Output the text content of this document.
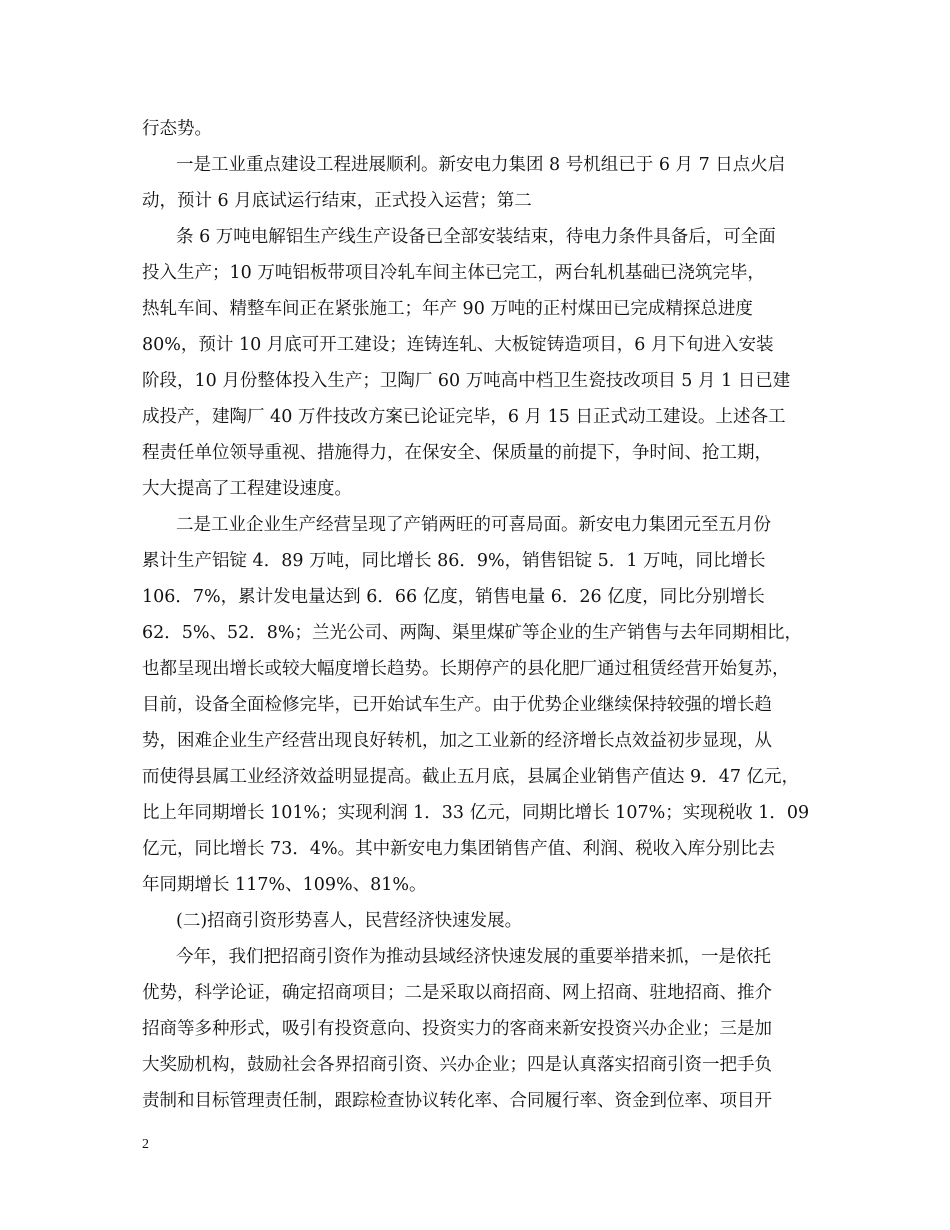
行态势。
一是工业重点建设工程进展顺利。新安电力集团 8 号机组已于 6 月 7 日点火启
动，预计 6 月底试运行结束，正式投入运营；第二
条 6 万吨电解铝生产线生产设备已全部安装结束，待电力条件具备后，可全面
投入生产；10 万吨铝板带项目冷轧车间主体已完工，两台轧机基础已浇筑完毕，
热轧车间、精整车间正在紧张施工；年产 90 万吨的正村煤田已完成精探总进度
80%，预计 10 月底可开工建设；连铸连轧、大板锭铸造项目，6 月下旬进入安装
阶段，10 月份整体投入生产；卫陶厂 60 万吨高中档卫生瓷技改项目 5 月 1 日已建
成投产，建陶厂 40 万件技改方案已论证完毕，6 月 15 日正式动工建设。上述各工
程责任单位领导重视、措施得力，在保安全、保质量的前提下，争时间、抢工期，
大大提高了工程建设速度。
二是工业企业生产经营呈现了产销两旺的可喜局面。新安电力集团元至五月份
累计生产铝锭 4．89 万吨，同比增长 86．9%，销售铝锭 5．1 万吨，同比增长
106．7%，累计发电量达到 6．66 亿度，销售电量 6．26 亿度，同比分别增长
62．5%、52．8%；兰光公司、两陶、渠里煤矿等企业的生产销售与去年同期相比，
也都呈现出增长或较大幅度增长趋势。长期停产的县化肥厂通过租赁经营开始复苏，
目前，设备全面检修完毕，已开始试车生产。由于优势企业继续保持较强的增长趋
势，困难企业生产经营出现良好转机，加之工业新的经济增长点效益初步显现，从
而使得县属工业经济效益明显提高。截止五月底，县属企业销售产值达 9．47 亿元，
比上年同期增长 101%；实现利润 1．33 亿元，同期比增长 107%；实现税收 1．09
亿元，同比增长 73．4%。其中新安电力集团销售产值、利润、税收入库分别比去
年同期增长 117%、109%、81%。
(二)招商引资形势喜人，民营经济快速发展。
今年，我们把招商引资作为推动县域经济快速发展的重要举措来抓，一是依托
优势，科学论证，确定招商项目；二是采取以商招商、网上招商、驻地招商、推介
招商等多种形式，吸引有投资意向、投资实力的客商来新安投资兴办企业；三是加
大奖励机构，鼓励社会各界招商引资、兴办企业；四是认真落实招商引资一把手负
责制和目标管理责任制，跟踪检查协议转化率、合同履行率、资金到位率、项目开
2
